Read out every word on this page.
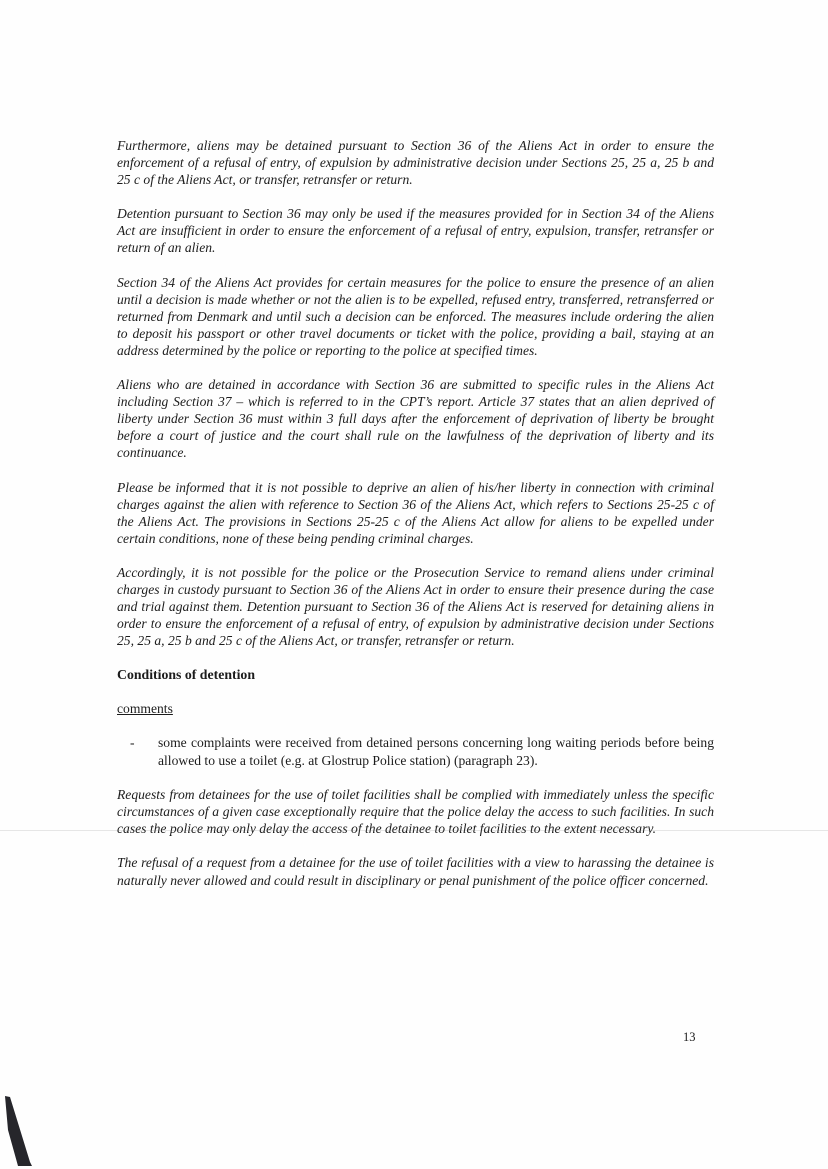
Furthermore, aliens may be detained pursuant to Section 36 of the Aliens Act in order to ensure the enforcement of a refusal of entry, of expulsion by administrative decision under Sections 25, 25 a, 25 b and 25 c of the Aliens Act, or transfer, retransfer or return.

Detention pursuant to Section 36 may only be used if the measures provided for in Section 34 of the Aliens Act are insufficient in order to ensure the enforcement of a refusal of entry, expulsion, transfer, retransfer or return of an alien.

Section 34 of the Aliens Act provides for certain measures for the police to ensure the presence of an alien until a decision is made whether or not the alien is to be expelled, refused entry, transferred, retransferred or returned from Denmark and until such a decision can be enforced. The measures include ordering the alien to deposit his passport or other travel documents or ticket with the police, providing a bail, staying at an address determined by the police or reporting to the police at specified times.

Aliens who are detained in accordance with Section 36 are submitted to specific rules in the Aliens Act including Section 37 – which is referred to in the CPT’s report. Article 37 states that an alien deprived of liberty under Section 36 must within 3 full days after the enforcement of deprivation of liberty be brought before a court of justice and the court shall rule on the lawfulness of the deprivation of liberty and its continuance.

Please be informed that it is not possible to deprive an alien of his/her liberty in connection with criminal charges against the alien with reference to Section 36 of the Aliens Act, which refers to Sections 25-25 c of the Aliens Act. The provisions in Sections 25-25 c of the Aliens Act allow for aliens to be expelled under certain conditions, none of these being pending criminal charges.

Accordingly, it is not possible for the police or the Prosecution Service to remand aliens under criminal charges in custody pursuant to Section 36 of the Aliens Act in order to ensure their presence during the case and trial against them. Detention pursuant to Section 36 of the Aliens Act is reserved for detaining aliens in order to ensure the enforcement of a refusal of entry, of expulsion by administrative decision under Sections 25, 25 a, 25 b and 25 c of the Aliens Act, or transfer, retransfer or return.

Conditions of detention
comments
-	some complaints were received from detained persons concerning long waiting periods before being allowed to use a toilet (e.g. at Glostrup Police station) (paragraph 23).

Requests from detainees for the use of toilet facilities shall be complied with immediately unless the specific circumstances of a given case exceptionally require that the police delay the access to such facilities. In such cases the police may only delay the access of the detainee to toilet facilities to the extent necessary.

The refusal of a request from a detainee for the use of toilet facilities with a view to harassing the detainee is naturally never allowed and could result in disciplinary or penal punishment of the police officer concerned.

13
